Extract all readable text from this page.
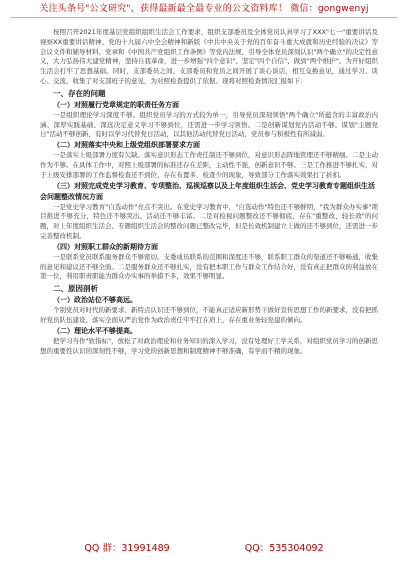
关注头条号"公文研究"，获得最新最全最专业的公文资料库！ 微信：gongwenyj

按照召开2021年度基层党组织组织生活会工作要求，组织支部委员及全体党员认真学习了XXX"七一"重要讲话及视察XX重要讲话精神、党的十九届六中全会精神和新版《中共中央关于党的百年奋斗重大成就和历史经验的决议》等会议文件和辅导材料、党章和《中国共产党组织工作条例》等党内法规，引导全体党员深刻认识"两个确立"的决定性意义，大力弘扬伟大建党精神，坚持自我革命，进一步增强"四个意识"、坚定"四个自信"、做到"两个维护"。为开好组织生活会打牢了思想基础。同时，支部委员之间、支部委员和党员之间开展了谈心谈话，相互交换意见，通过学习、谈心、交流，收集了对支部班子的意见，为对照检查提供了依据。现将对照检查情况汇报如下：

一、存在的问题
（一）对照履行党章规定的职责任务方面

一是组织理论学习深度不够。组织党员学习的方式较为单一，引导党员深刻领悟"两个确立"所蕴含的丰富政治内涵、深厚实践基础、深远决定意义学习不够到位，还需进一步学习领悟。二是创新谋划党内活动不够。谋划"主题党日"活动不够创新，有时以学习代替党日活动，以其他活动代替党日活动，党员参与积极性有所减弱。

（二）对照落实中央和上级党组织部署要求方面

一是落实上级部署力度有欠缺。落实意识形态工作责任制还不够到位，对意识形态阵地管理还不够精细。二是主动作为不够。在具体工作中，对照上级部署的标准还存在差距，主动性不强，创新意识不够。三是工作推进不够扎实，对于上级安排部署的工作监督检查还不到位，存在布置多、检查少的现象，导致部分工作落实效果打了折扣。

（三）对照完成党史学习教育、专项整治、巡视巡察以及上年度组织生活会、党史学习教育专题组织生活会问题整改情况方面

一是党史学习教育"自选动作"亮点不突出。在党史学习教育中，"自选动作"特色还不够鲜明，"我为群众办实事"项目推进不够充分，特色还不够突出。活动还不够丰富。二是对检视问题整改还不够彻底，存在"重整改、轻长效"的问题，对上年度组织生活会、专题组织生活会的整改问题已整改完毕，但是长效机制建立上做的还不够到位，还需进一步完善整改机制。

（四）对照职工群众的新期待方面

一是联系党员联系服务群众不够密切。支委成员联系的范围和深度还不够，联系职工群众的渠道还不够畅通，收集的意见和建议还不够全面。二是服务群众还不够扎实，没有把本职工作与群众工作结合好，没有真正把群众的利益放在第一位，利用职责职能为群众办实事的举措不多，效果不够明显。

二、原因剖析
（一）政治站位不够高远。

个别党员对时代的新要求、新特点认识还不够到位，不能真正适应新形势下做好宣传思想工作的新要求，没有把抓好党员队伍建设、落实全面从严治党作为政治责任牢牢扛在肩上，存在重业务轻党建的倾向。

（二）理论水平不够提高。

把学习当作"软指标"，放松了对政治理论和业务知识的深入学习，没有处理好工学关系，对组织党员学习的创新思想的重要性认识的深刻性不够，学习党的创新思想和制度精神不够准确，有学而不精的现象。

QQ 群：31991489	QQ：535304092
